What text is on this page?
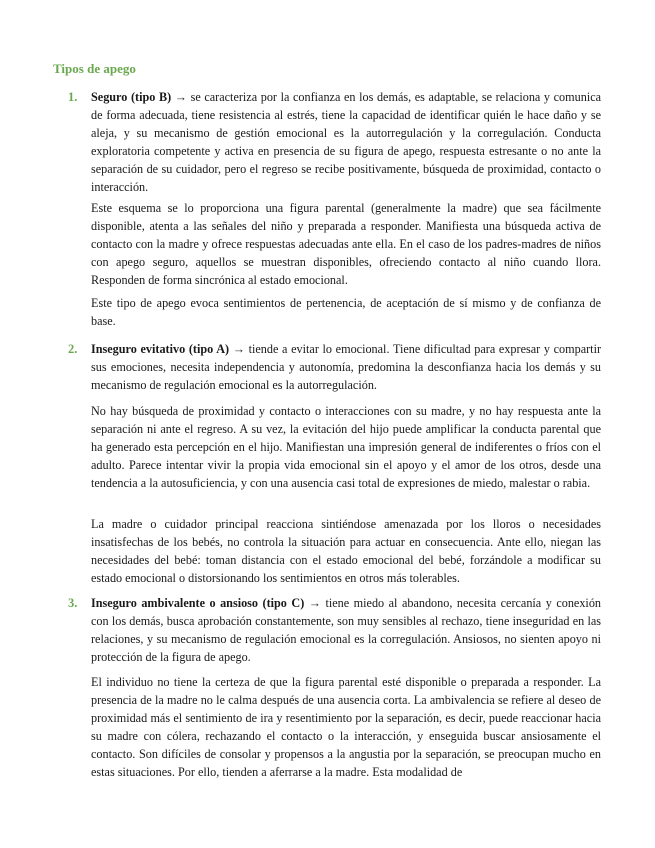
Tipos de apego
1. Seguro (tipo B) → se caracteriza por la confianza en los demás, es adaptable, se relaciona y comunica de forma adecuada, tiene resistencia al estrés, tiene la capacidad de identificar quién le hace daño y se aleja, y su mecanismo de gestión emocional es la autorregulación y la corregulación. Conducta exploratoria competente y activa en presencia de su figura de apego, respuesta estresante o no ante la separación de su cuidador, pero el regreso se recibe positivamente, búsqueda de proximidad, contacto o interacción.

Este esquema se lo proporciona una figura parental (generalmente la madre) que sea fácilmente disponible, atenta a las señales del niño y preparada a responder. Manifiesta una búsqueda activa de contacto con la madre y ofrece respuestas adecuadas ante ella. En el caso de los padres-madres de niños con apego seguro, aquellos se muestran disponibles, ofreciendo contacto al niño cuando llora. Responden de forma sincrónica al estado emocional.
Este tipo de apego evoca sentimientos de pertenencia, de aceptación de sí mismo y de confianza de base.
2. Inseguro evitativo (tipo A) → tiende a evitar lo emocional. Tiene dificultad para expresar y compartir sus emociones, necesita independencia y autonomía, predomina la desconfianza hacia los demás y su mecanismo de regulación emocional es la autorregulación.

No hay búsqueda de proximidad y contacto o interacciones con su madre, y no hay respuesta ante la separación ni ante el regreso. A su vez, la evitación del hijo puede amplificar la conducta parental que ha generado esta percepción en el hijo. Manifiestan una impresión general de indiferentes o fríos con el adulto. Parece intentar vivir la propia vida emocional sin el apoyo y el amor de los otros, desde una tendencia a la autosuficiencia, y con una ausencia casi total de expresiones de miedo, malestar o rabia.
La madre o cuidador principal reacciona sintiéndose amenazada por los lloros o necesidades insatisfechas de los bebés, no controla la situación para actuar en consecuencia. Ante ello, niegan las necesidades del bebé: toman distancia con el estado emocional del bebé, forzándole a modificar su estado emocional o distorsionando los sentimientos en otros más tolerables.
3. Inseguro ambivalente o ansioso (tipo C) → tiene miedo al abandono, necesita cercanía y conexión con los demás, busca aprobación constantemente, son muy sensibles al rechazo, tiene inseguridad en las relaciones, y su mecanismo de regulación emocional es la corregulación. Ansiosos, no sienten apoyo ni protección de la figura de apego.

El individuo no tiene la certeza de que la figura parental esté disponible o preparada a responder. La presencia de la madre no le calma después de una ausencia corta. La ambivalencia se refiere al deseo de proximidad más el sentimiento de ira y resentimiento por la separación, es decir, puede reaccionar hacia su madre con cólera, rechazando el contacto o la interacción, y enseguida buscar ansiosamente el contacto. Son difíciles de consolar y propensos a la angustia por la separación, se preocupan mucho en estas situaciones. Por ello, tienden a aferrarse a la madre. Esta modalidad de
